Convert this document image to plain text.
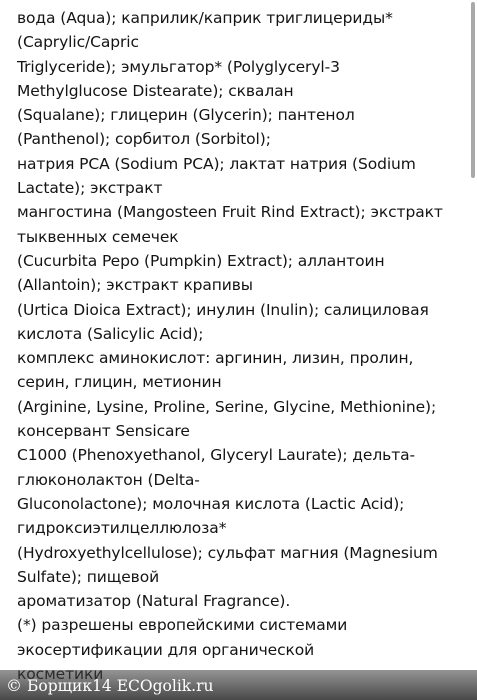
вода (Aqua); каприлик/каприк триглицериды*
(Caprylic/Capric
Triglyceride); эмульгатор* (Polyglyceryl-3
Methylglucose Distearate); сквалан
(Squalane); глицерин (Glycerin); пантенол
(Panthenol); сорбитол (Sorbitol);
натрия PCA (Sodium PCA); лактат натрия (Sodium
Lactate); экстракт
мангостина (Mangosteen Fruit Rind Extract); экстракт
тыквенных семечек
(Cucurbita Pepo (Pumpkin) Extract); аллантоин
(Allantoin); экстракт крапивы
(Urtica Dioica Extract); инулин (Inulin); салициловая
кислота (Salicylic Acid);
комплекс аминокислот: аргинин, лизин, пролин,
серин, глицин, метионин
(Arginine, Lysine, Proline, Serine, Glycine, Methionine);
консервант Sensicare
C1000 (Phenoxyethanol, Glyceryl Laurate); дельта-
глюконолактон (Delta-
Gluconolactone); молочная кислота (Lactic Acid);
гидроксиэтилцеллюлоза*
(Hydroxyethylcellulose); сульфат магния (Magnesium
Sulfate); пищевой
ароматизатор (Natural Fragrance).
(*) разрешены европейскими системами
экосертификации для органической
© Борщик14 ECOgolik.ru
